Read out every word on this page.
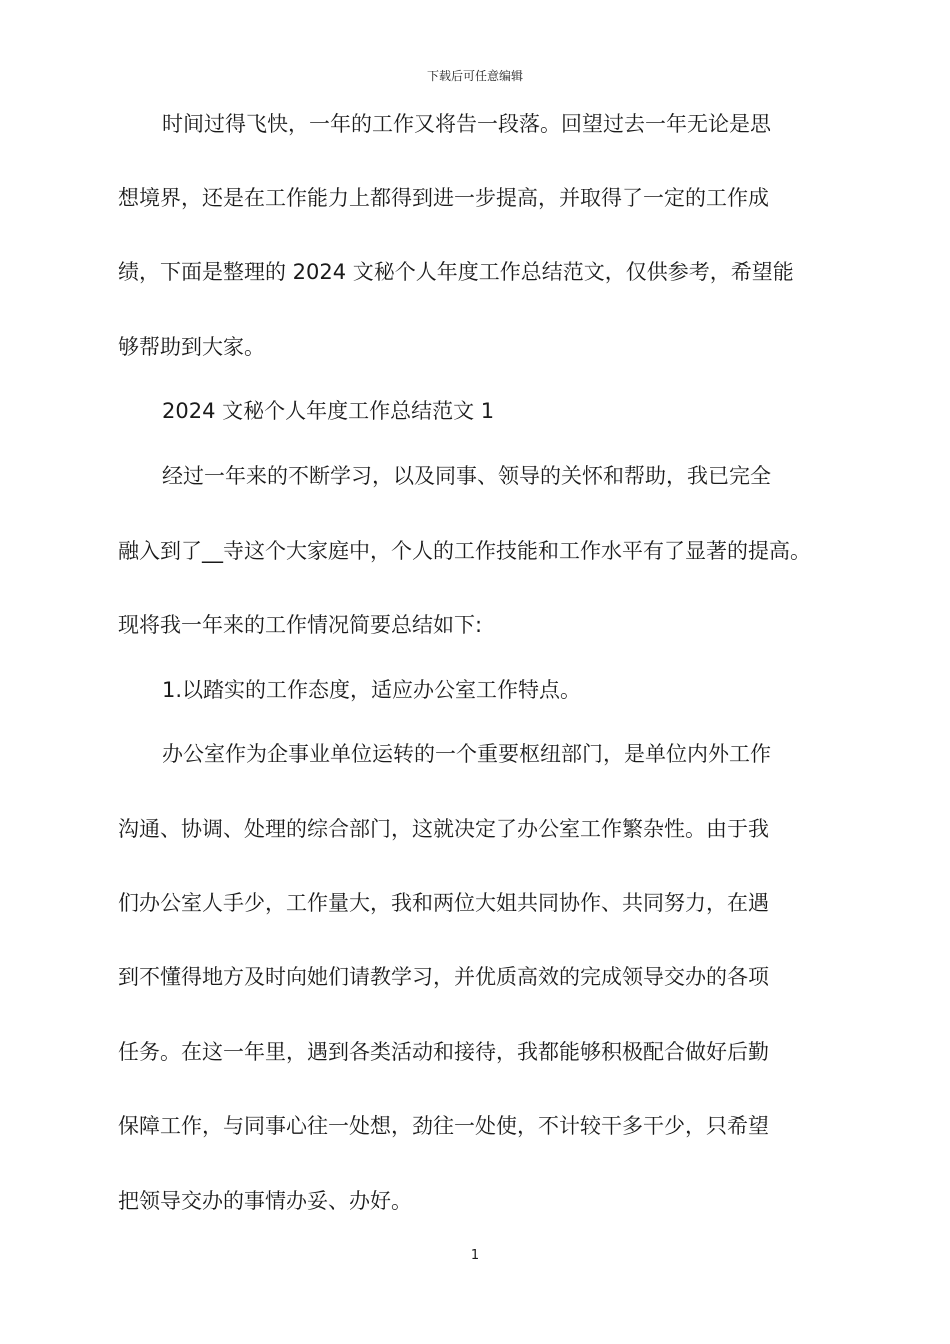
下载后可任意编辑
时间过得飞快，一年的工作又将告一段落。回望过去一年无论是思
想境界，还是在工作能力上都得到进一步提高，并取得了一定的工作成
绩，下面是整理的 2024 文秘个人年度工作总结范文，仅供参考，希望能
够帮助到大家。
2024 文秘个人年度工作总结范文 1
经过一年来的不断学习，以及同事、领导的关怀和帮助，我已完全
融入到了__寺这个大家庭中，个人的工作技能和工作水平有了显著的提高。
现将我一年来的工作情况简要总结如下:
1.以踏实的工作态度，适应办公室工作特点。
办公室作为企事业单位运转的一个重要枢纽部门，是单位内外工作
沟通、协调、处理的综合部门，这就决定了办公室工作繁杂性。由于我
们办公室人手少，工作量大，我和两位大姐共同协作、共同努力，在遇
到不懂得地方及时向她们请教学习，并优质高效的完成领导交办的各项
任务。在这一年里，遇到各类活动和接待，我都能够积极配合做好后勤
保障工作，与同事心往一处想，劲往一处使，不计较干多干少，只希望
把领导交办的事情办妥、办好。
1
